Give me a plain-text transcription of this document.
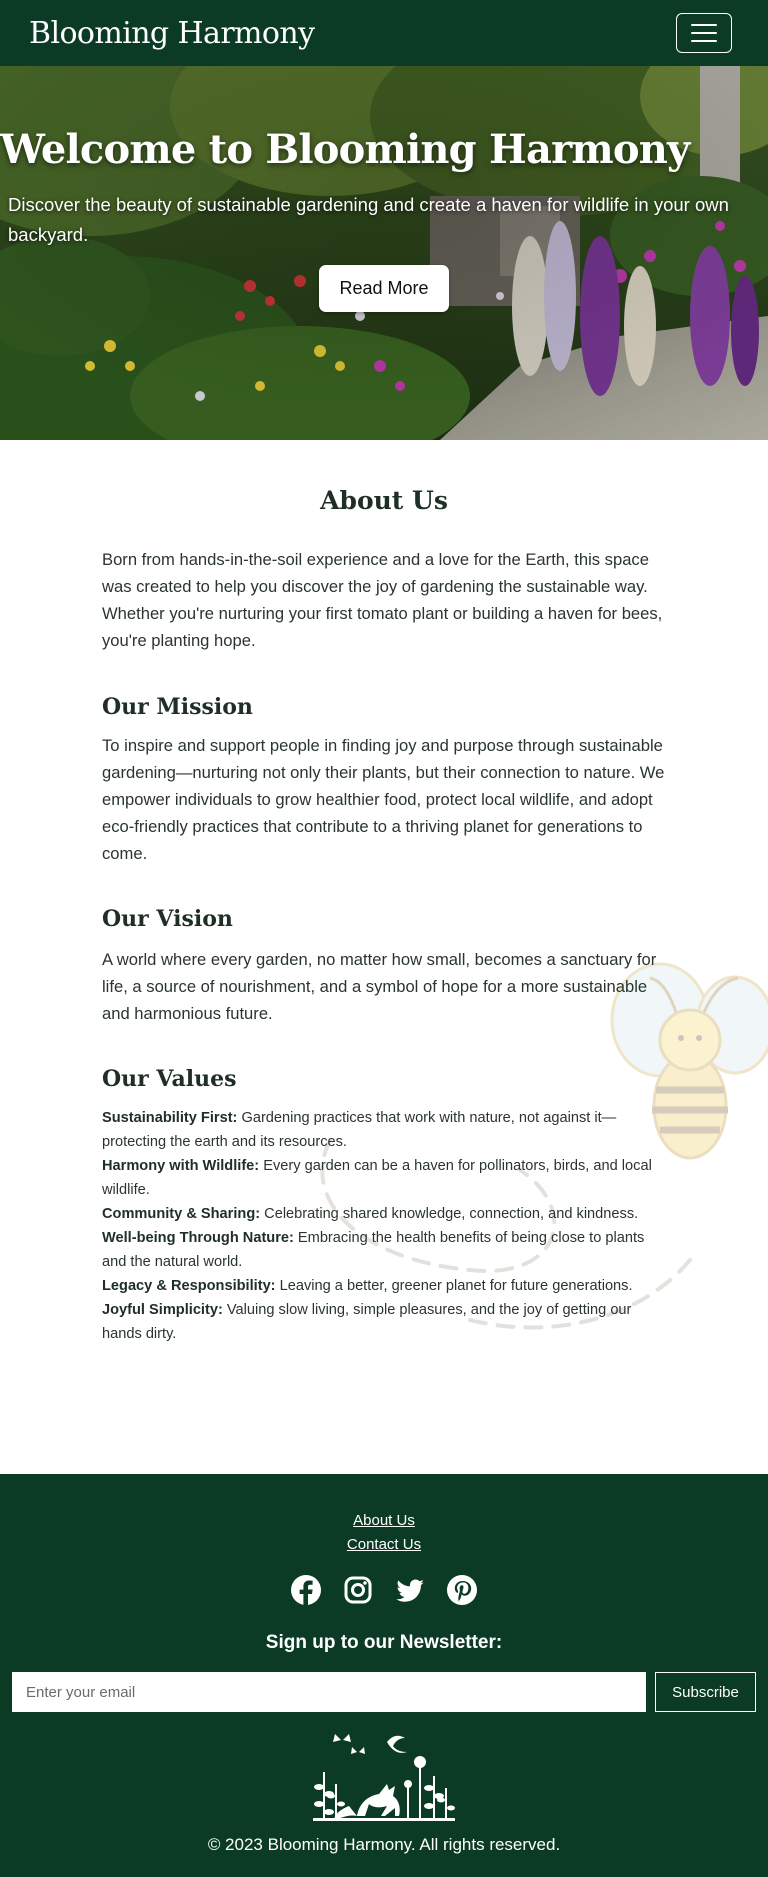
Blooming Harmony
Welcome to Blooming Harmony

Discover the beauty of sustainable gardening and create a haven for wildlife in your own backyard.

Read More
About Us

Born from hands-in-the-soil experience and a love for the Earth, this space was created to help you discover the joy of gardening the sustainable way. Whether you're nurturing your first tomato plant or building a haven for bees, you're planting hope.

Our Mission

To inspire and support people in finding joy and purpose through sustainable gardening—nurturing not only their plants, but their connection to nature. We empower individuals to grow healthier food, protect local wildlife, and adopt eco-friendly practices that contribute to a thriving planet for generations to come.

Our Vision

A world where every garden, no matter how small, becomes a sanctuary for life, a source of nourishment, and a symbol of hope for a more sustainable and harmonious future.

Our Values
Sustainability First: Gardening practices that work with nature, not against it—protecting the earth and its resources.
Harmony with Wildlife: Every garden can be a haven for pollinators, birds, and local wildlife.
Community & Sharing: Celebrating shared knowledge, connection, and kindness.
Well-being Through Nature: Embracing the health benefits of being close to plants and the natural world.
Legacy & Responsibility: Leaving a better, greener planet for future generations.
Joyful Simplicity: Valuing slow living, simple pleasures, and the joy of getting our hands dirty.
About Us
Contact Us
Sign up to our Newsletter:
Enter your email
Subscribe
© 2023 Blooming Harmony. All rights reserved.
